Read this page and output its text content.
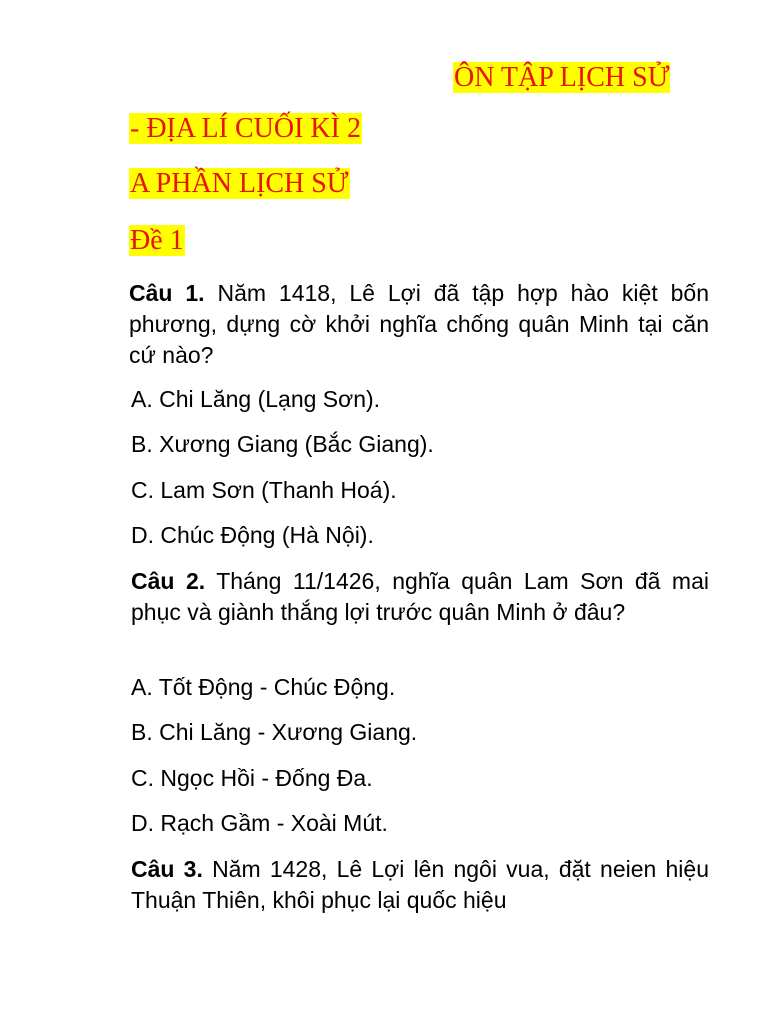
ÔN TẬP LỊCH SỬ

- ĐỊA LÍ CUỐI KÌ 2

A PHẦN LỊCH SỬ

Đề 1

Câu 1. Năm 1418, Lê Lợi đã tập hợp hào kiệt bốn phương, dựng cờ khởi nghĩa chống quân Minh tại căn cứ nào?

A. Chi Lăng (Lạng Sơn).

B. Xương Giang (Bắc Giang).

C. Lam Sơn (Thanh Hoá).

D. Chúc Động (Hà Nội).

Câu 2. Tháng 11/1426, nghĩa quân Lam Sơn đã mai phục và giành thắng lợi trước quân Minh ở đâu?

A. Tốt Động - Chúc Động.

B. Chi Lăng - Xương Giang.

C. Ngọc Hồi - Đống Đa.

D. Rạch Gầm - Xoài Mút.

Câu 3. Năm 1428, Lê Lợi lên ngôi vua, đặt neien hiệu Thuận Thiên, khôi phục lại quốc hiệu
